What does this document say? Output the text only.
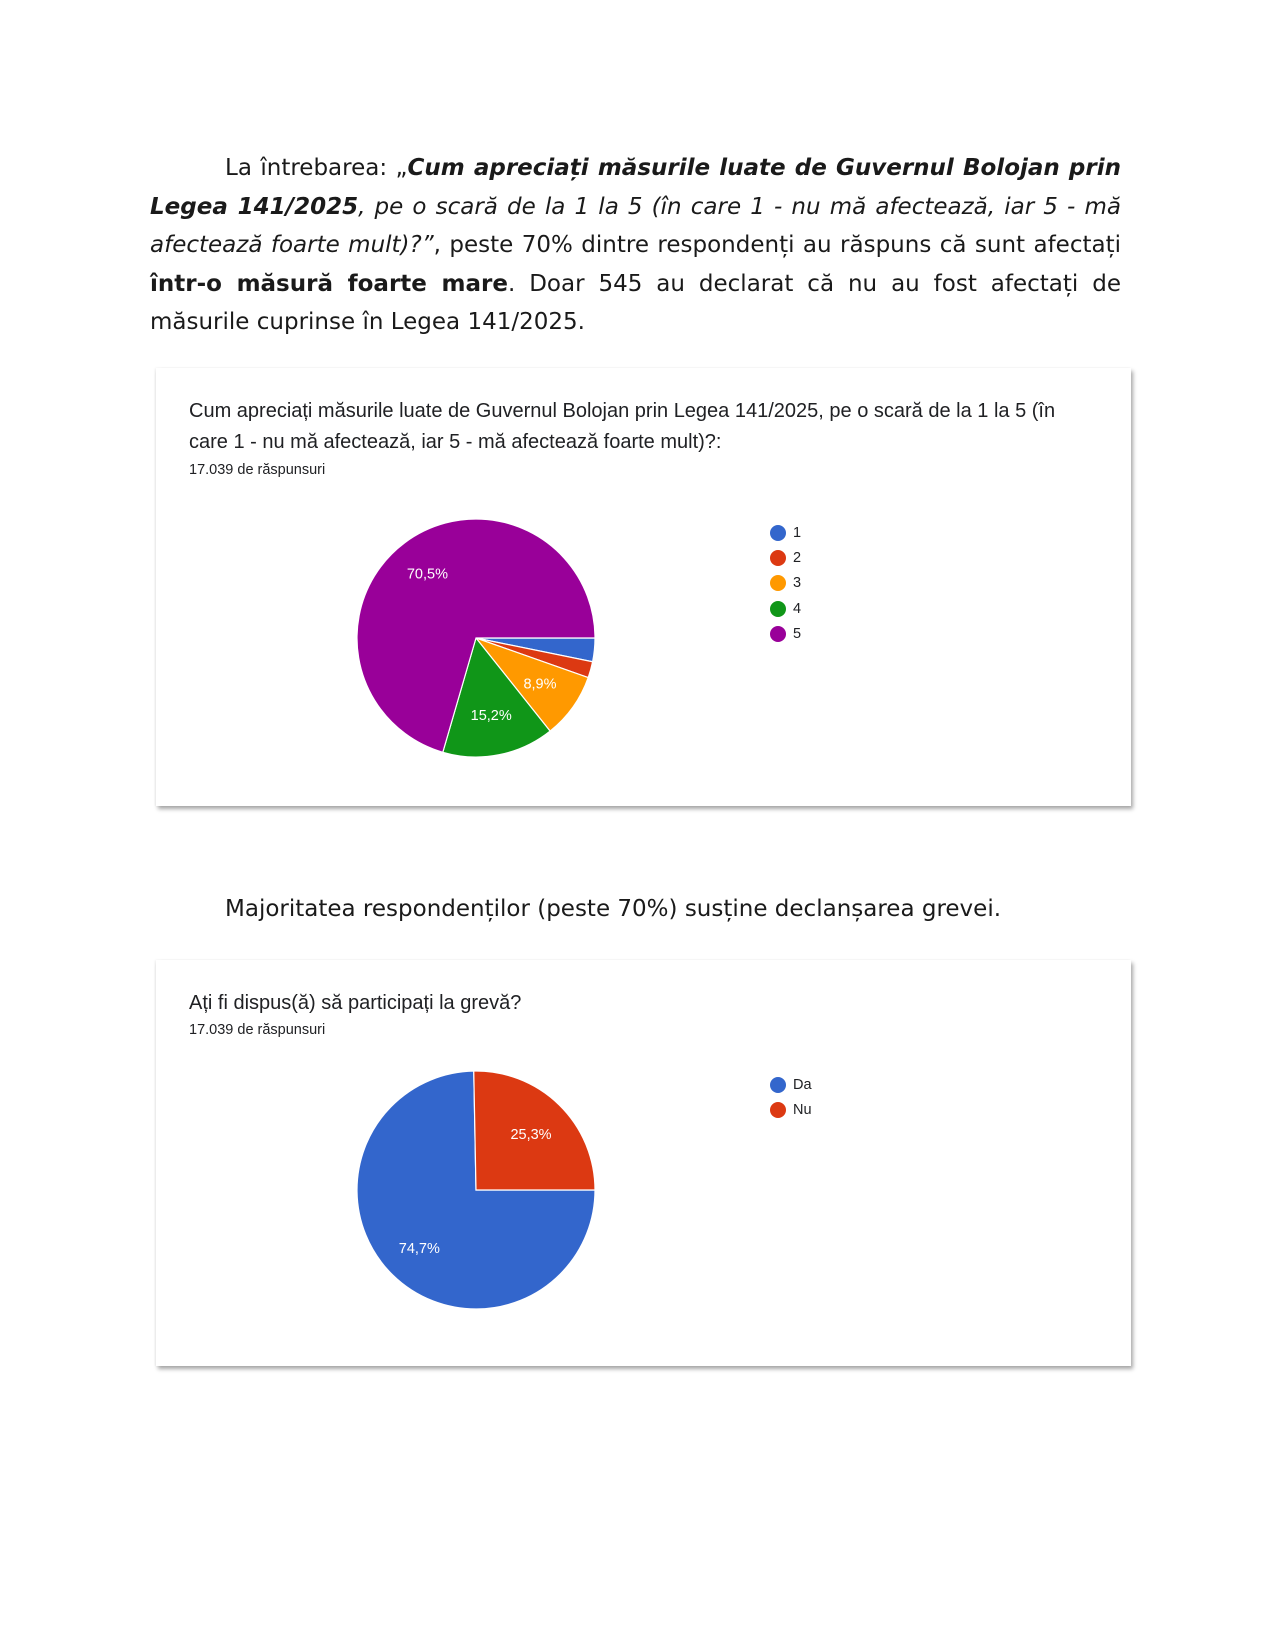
La întrebarea: „Cum apreciați măsurile luate de Guvernul Bolojan prin Legea 141/2025, pe o scară de la 1 la 5 (în care 1 - nu mă afectează, iar 5 - mă afectează foarte mult)?”, peste 70% dintre respondenți au răspuns că sunt afectați într-o măsură foarte mare. Doar 545 au declarat că nu au fost afectați de măsurile cuprinse în Legea 141/2025.

Cum apreciați măsurile luate de Guvernul Bolojan prin Legea 141/2025, pe o scară de la 1 la 5 (în care 1 - nu mă afectează, iar 5 - mă afectează foarte mult)?:

17.039 de răspunsuri
8,9%
15,2%
70,5%
1
2
3
4
5

Majoritatea respondenților (peste 70%) susține declanșarea grevei.

Ați fi dispus(ă) să participați la grevă?

17.039 de răspunsuri
74,7%
25,3%
Da
Nu
